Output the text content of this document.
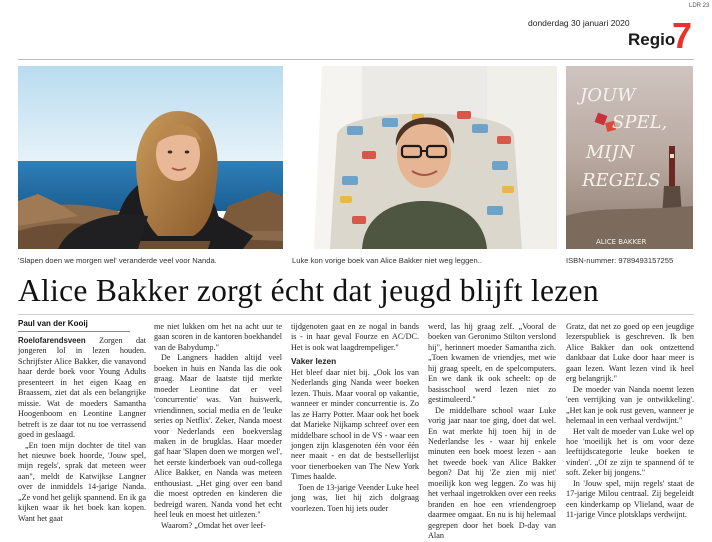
LDR 23
donderdag 30 januari 2020
Regio
7
JOUW
SPEL,
MIJN
REGELS
ALICE BAKKER
'Slapen doen we morgen wel' veranderde veel voor Nanda.	Luke kon vorige boek van Alice Bakker niet weg leggen..	ISBN-nummer: 9789493157255
Alice Bakker zorgt écht dat jeugd blijft lezen
Paul van der Kooij

Roelofarendsveen Zorgen dat jongeren lol in lezen houden. Schrijfster Alice Bakker, die vanavond haar derde boek voor Young Adults presenteert in het eigen Kaag en Braassem, ziet dat als een belangrijke missie. Wat de moeders Samantha Hoogenboom en Leontine Langner betreft is ze daar tot nu toe verrassend goed in geslaagd.

„En toen mijn dochter de titel van het nieuwe boek hoorde, 'Jouw spel, mijn regels', sprak dat meteen weer aan", meldt de Katwijkse Langner over de inmiddels 14-jarige Nanda. „Ze vond het gelijk spannend. En ik ga kijken waar ik het boek kan kopen. Want het gaat

me niet lukken om het na acht uur te gaan scoren in de kantoren boekhandel van de Babydump."

De Langners hadden altijd veel boeken in huis en Nanda las die ook graag. Maar de laatste tijd merkte moeder Leontine dat er veel 'concurrentie' was. Van huiswerk, vriendinnen, social media en de 'leuke series op Netflix'. Zeker, Nanda moest voor Nederlands een boekverslag maken in de brugklas. Haar moeder gaf haar 'Slapen doen we morgen wel', het eerste kinderboek van oud-collega Alice Bakker, en Nanda was meteen enthousiast. „Het ging over een band die moest optreden en kinderen die bedreigd waren. Nanda vond het echt heel leuk en moest het uitlezen."

Waarom? „Omdat het over leef-

tijdgenoten gaat en ze nogal in bands is - in haar geval Fourze en AC/DC. Het is ook wat laagdrempeliger."

Vaker lezen

Het bleef daar niet bij. „Ook los van Nederlands ging Nanda weer boeken lezen. Thuis. Maar vooral op vakantie, wanneer er minder concurrentie is. Zo las ze Harry Potter. Maar ook het boek dat Marieke Nijkamp schreef over een middelbare school in de VS - waar een jongen zijn klasgenoten één voor één neer maait - en dat de bestsellerlijst voor tienerboeken van The New York Times haalde.

Toen de 13-jarige Veender Luke heel jong was, liet hij zich dolgraag voorlezen. Toen hij iets ouder

werd, las hij graag zelf. „Vooral de boeken van Geronimo Stilton verslond hij", herinnert moeder Samantha zich. „Toen kwamen de vriendjes, met wie hij graag speelt, en de spelcomputers. En we dank ik ook scheelt: op de basisschool werd lezen niet zo gestimuleerd."

De middelbare school waar Luke vorig jaar naar toe ging, doet dat wel. En wat merkte hij toen hij in de Nederlandse les - waar hij enkele minuten een boek moest lezen - aan het tweede boek van Alice Bakker begon? Dat hij 'Ze zien mij niet' moeilijk kon weg leggen. Zo was hij het verhaal ingetrokken over een reeks branden en hoe een vriendengroep daarmee omgaat. En nu is hij helemaal gegrepen door het boek D-day van Alan

Gratz, dat net zo goed op een jeugdige lezerspubliek is geschreven. Ik ben Alice Bakker dan ook ontzettend dankbaar dat Luke door haar meer is gaan lezen. Want lezen vind ik heel erg belangrijk."

De moeder van Nanda noemt lezen 'een verrijking van je ontwikkeling'. „Het kan je ook rust geven, wanneer je helemaal in een verhaal verdwijnt."

Het valt de moeder van Luke wel op hoe 'moeilijk het is om voor deze leeftijdscategorie leuke boeken te vinden'. „Of ze zijn te spannend óf te soft. Zeker bij jongens."

In 'Jouw spel, mijn regels' staat de 17-jarige Milou centraal. Zij begeleidt een kinderkamp op Vlieland, waar de 11-jarige Vince plotsklaps verdwijnt.
